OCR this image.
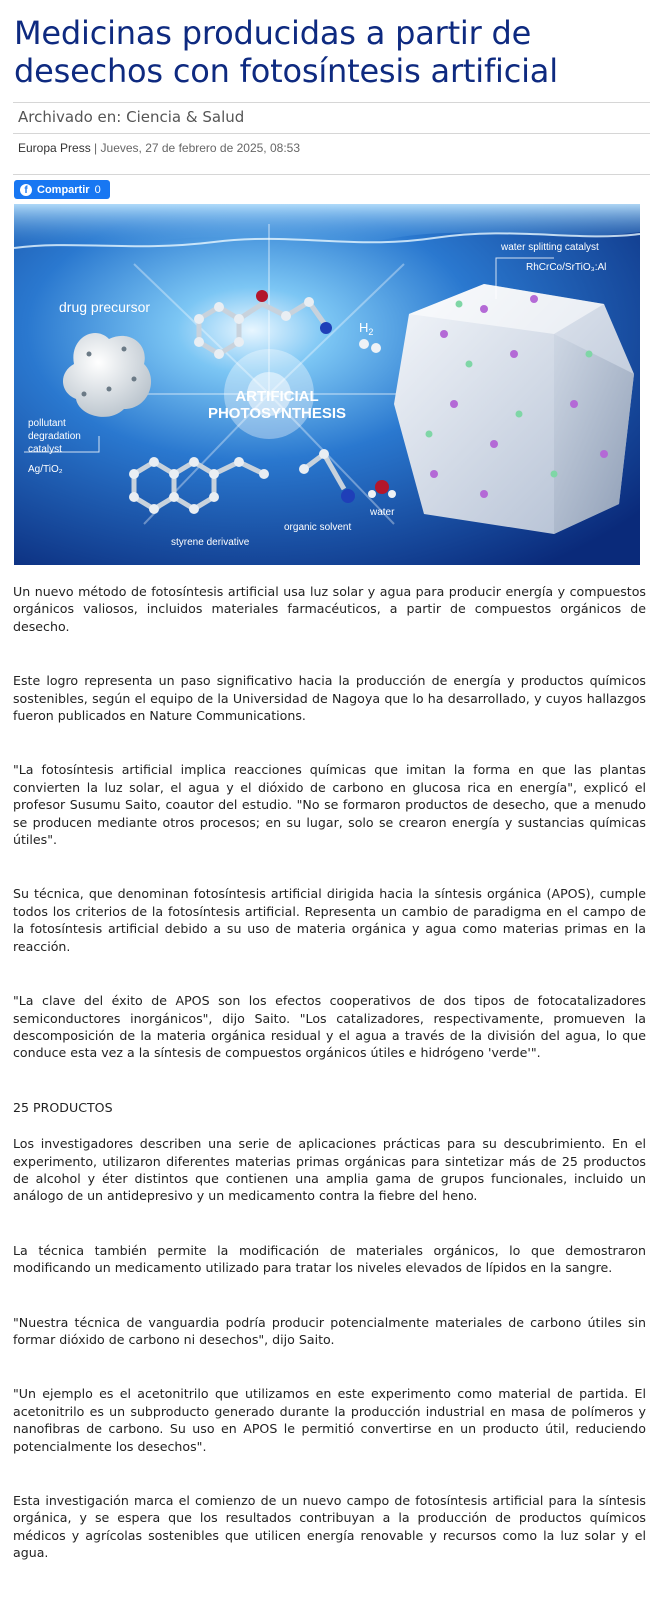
Medicinas producidas a partir de desechos con fotosíntesis artificial
Archivado en: Ciencia & Salud
Europa Press | Jueves, 27 de febrero de 2025, 08:53
f Compartir 0
drug precursor
ARTIFICIAL
PHOTOSYNTHESIS
$H_2$
water splitting catalyst
RhCrCo/SrTiO₃:Al
pollutant
degradation
catalyst
Ag/TiO₂
water
organic solvent
styrene derivative

Un nuevo método de fotosíntesis artificial usa luz solar y agua para producir energía y compuestos orgánicos valiosos, incluidos materiales farmacéuticos, a partir de compuestos orgánicos de desecho.

Este logro representa un paso significativo hacia la producción de energía y productos químicos sostenibles, según el equipo de la Universidad de Nagoya que lo ha desarrollado, y cuyos hallazgos fueron publicados en Nature Communications.

"La fotosíntesis artificial implica reacciones químicas que imitan la forma en que las plantas convierten la luz solar, el agua y el dióxido de carbono en glucosa rica en energía", explicó el profesor Susumu Saito, coautor del estudio. "No se formaron productos de desecho, que a menudo se producen mediante otros procesos; en su lugar, solo se crearon energía y sustancias químicas útiles".

Su técnica, que denominan fotosíntesis artificial dirigida hacia la síntesis orgánica (APOS), cumple todos los criterios de la fotosíntesis artificial. Representa un cambio de paradigma en el campo de la fotosíntesis artificial debido a su uso de materia orgánica y agua como materias primas en la reacción.

"La clave del éxito de APOS son los efectos cooperativos de dos tipos de fotocatalizadores semiconductores inorgánicos", dijo Saito. "Los catalizadores, respectivamente, promueven la descomposición de la materia orgánica residual y el agua a través de la división del agua, lo que conduce esta vez a la síntesis de compuestos orgánicos útiles e hidrógeno 'verde'".

25 PRODUCTOS

Los investigadores describen una serie de aplicaciones prácticas para su descubrimiento. En el experimento, utilizaron diferentes materias primas orgánicas para sintetizar más de 25 productos de alcohol y éter distintos que contienen una amplia gama de grupos funcionales, incluido un análogo de un antidepresivo y un medicamento contra la fiebre del heno.

La técnica también permite la modificación de materiales orgánicos, lo que demostraron modificando un medicamento utilizado para tratar los niveles elevados de lípidos en la sangre.

"Nuestra técnica de vanguardia podría producir potencialmente materiales de carbono útiles sin formar dióxido de carbono ni desechos", dijo Saito.

"Un ejemplo es el acetonitrilo que utilizamos en este experimento como material de partida. El acetonitrilo es un subproducto generado durante la producción industrial en masa de polímeros y nanofibras de carbono. Su uso en APOS le permitió convertirse en un producto útil, reduciendo potencialmente los desechos".

Esta investigación marca el comienzo de un nuevo campo de fotosíntesis artificial para la síntesis orgánica, y se espera que los resultados contribuyan a la producción de productos químicos médicos y agrícolas sostenibles que utilicen energía renovable y recursos como la luz solar y el agua.
